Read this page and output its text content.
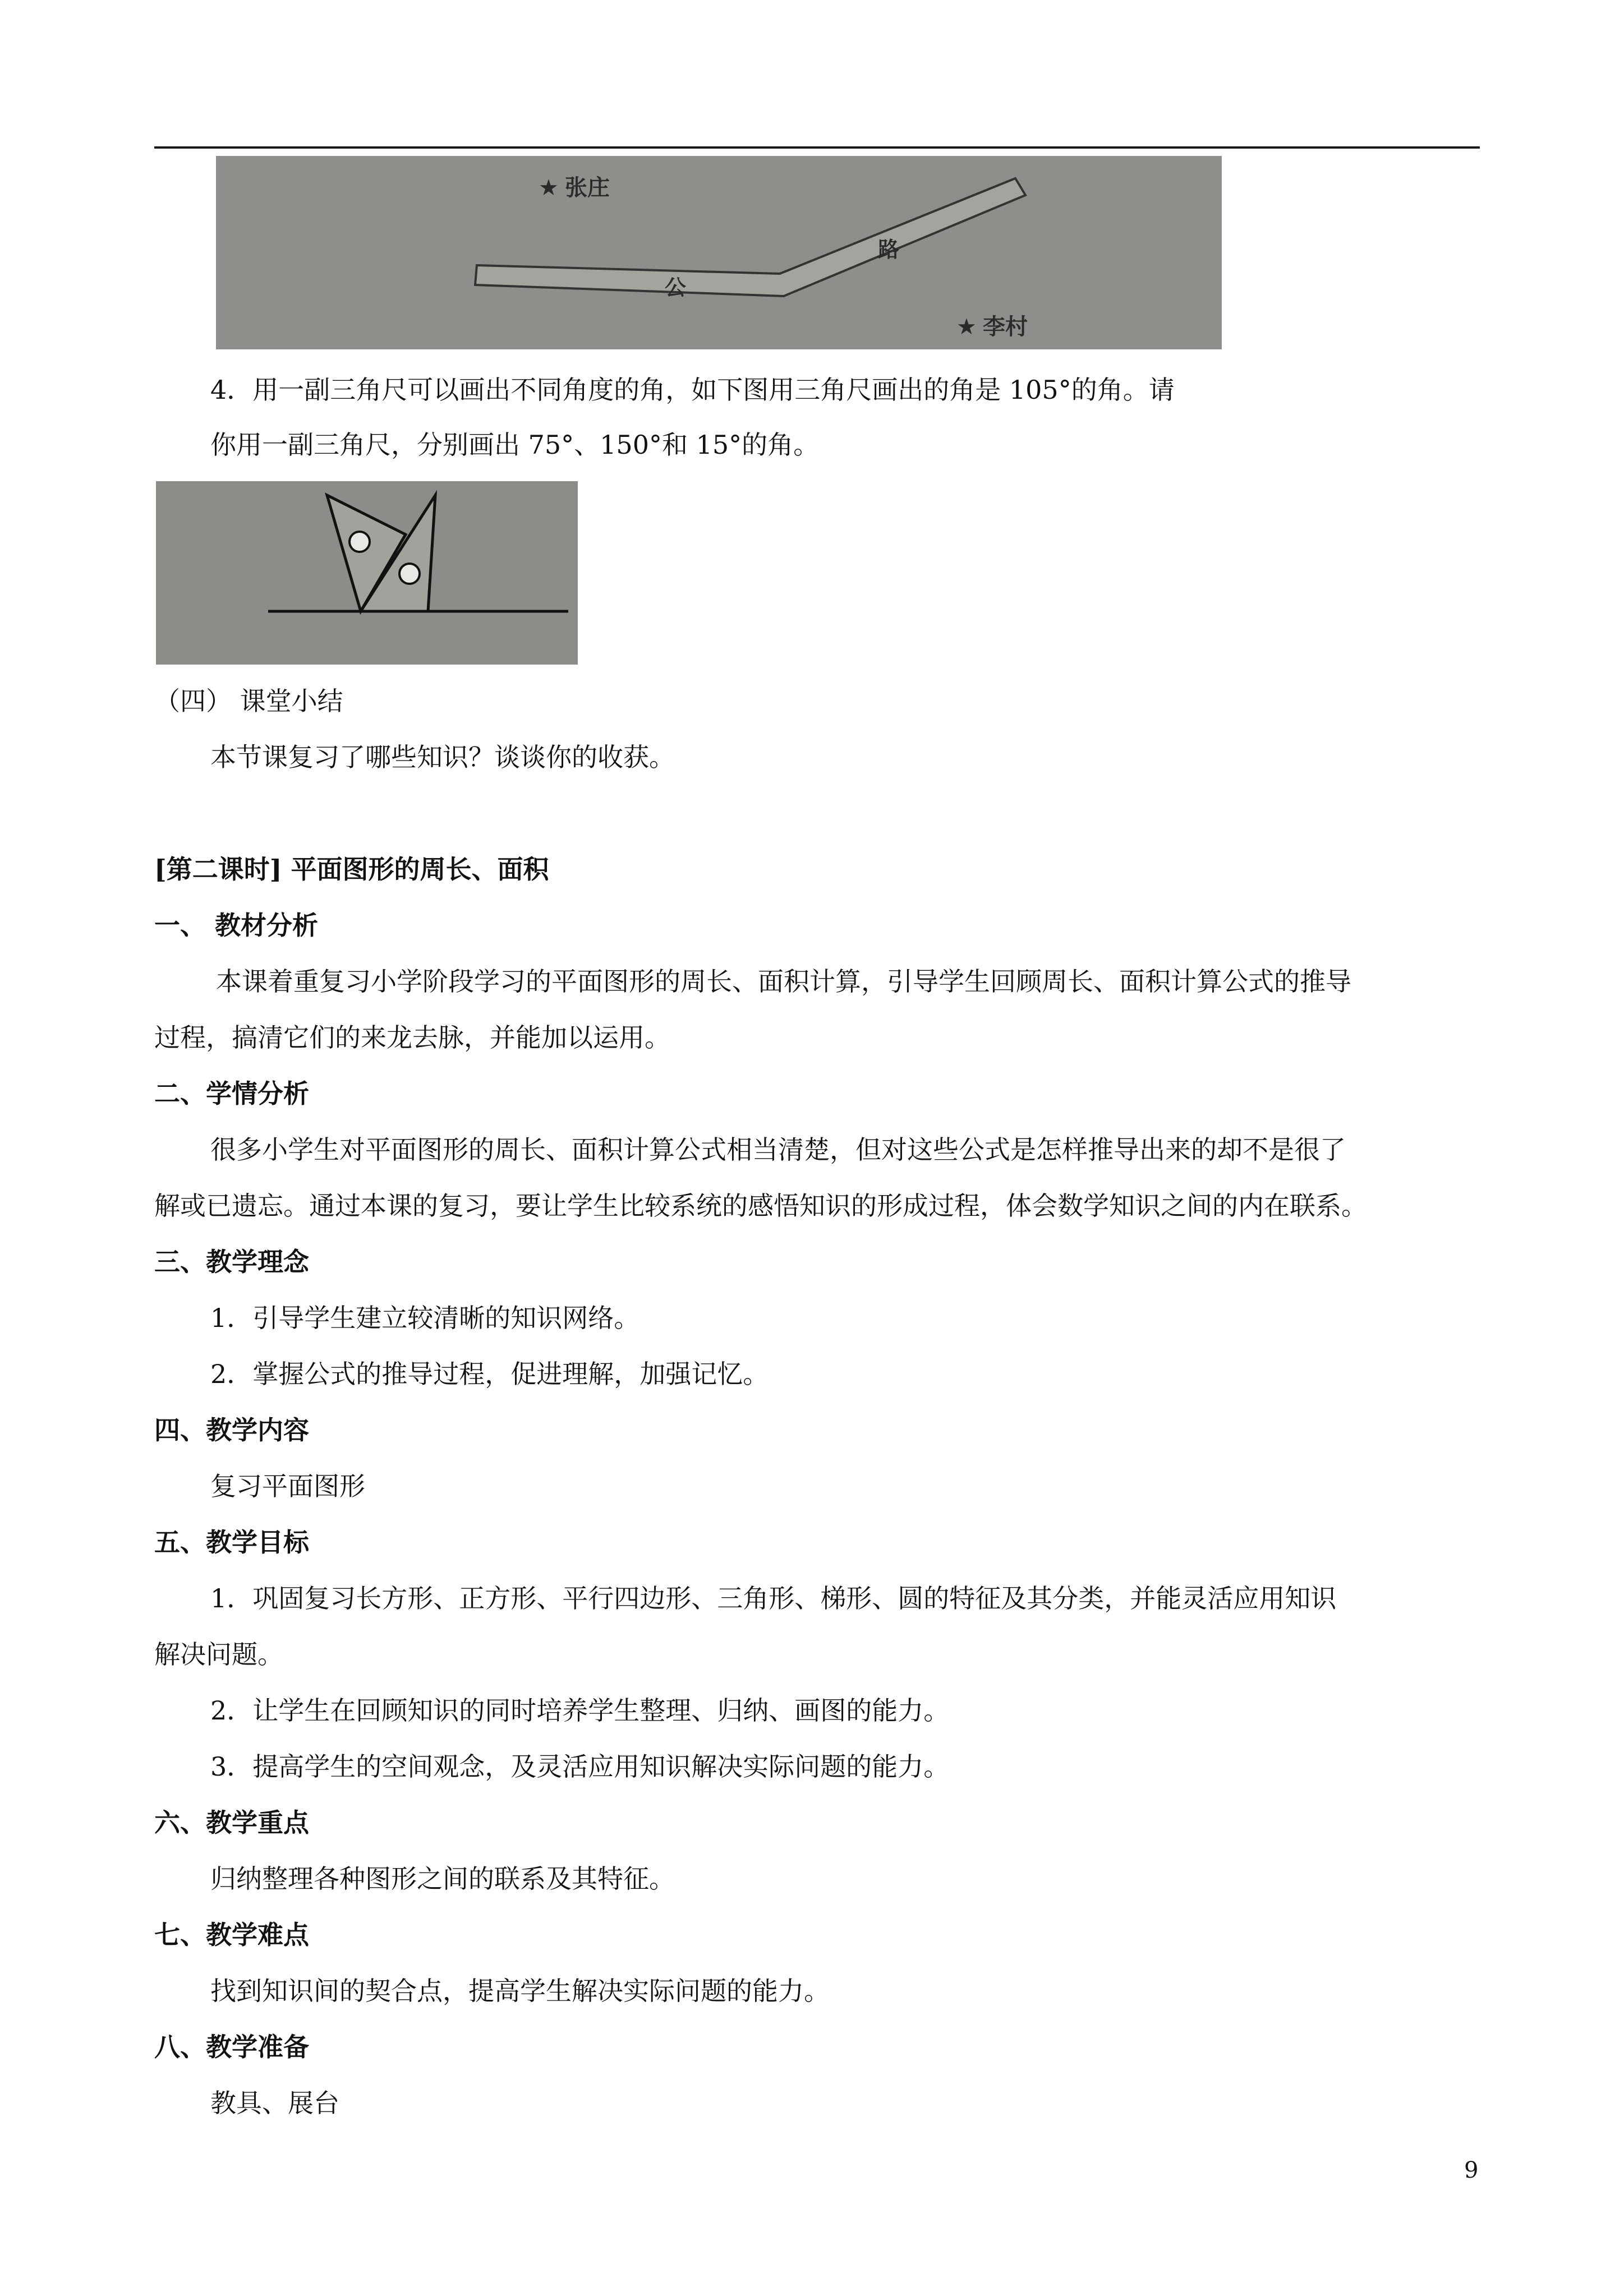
★ 张庄
★ 李村
公
路
4．用一副三角尺可以画出不同角度的角，如下图用三角尺画出的角是 105°的角。请
你用一副三角尺，分别画出 75°、150°和 15°的角。
（四） 课堂小结
本节课复习了哪些知识？谈谈你的收获。
[第二课时] 平面图形的周长、面积
一、 教材分析
本课着重复习小学阶段学习的平面图形的周长、面积计算，引导学生回顾周长、面积计算公式的推导
过程，搞清它们的来龙去脉，并能加以运用。
二、学情分析
很多小学生对平面图形的周长、面积计算公式相当清楚，但对这些公式是怎样推导出来的却不是很了
解或已遗忘。通过本课的复习，要让学生比较系统的感悟知识的形成过程，体会数学知识之间的内在联系。
三、教学理念
1．引导学生建立较清晰的知识网络。
2．掌握公式的推导过程，促进理解，加强记忆。
四、教学内容
复习平面图形
五、教学目标
1．巩固复习长方形、正方形、平行四边形、三角形、梯形、圆的特征及其分类，并能灵活应用知识
解决问题。
2．让学生在回顾知识的同时培养学生整理、归纳、画图的能力。
3．提高学生的空间观念，及灵活应用知识解决实际问题的能力。
六、教学重点
归纳整理各种图形之间的联系及其特征。
七、教学难点
找到知识间的契合点，提高学生解决实际问题的能力。
八、教学准备
教具、展台
9
